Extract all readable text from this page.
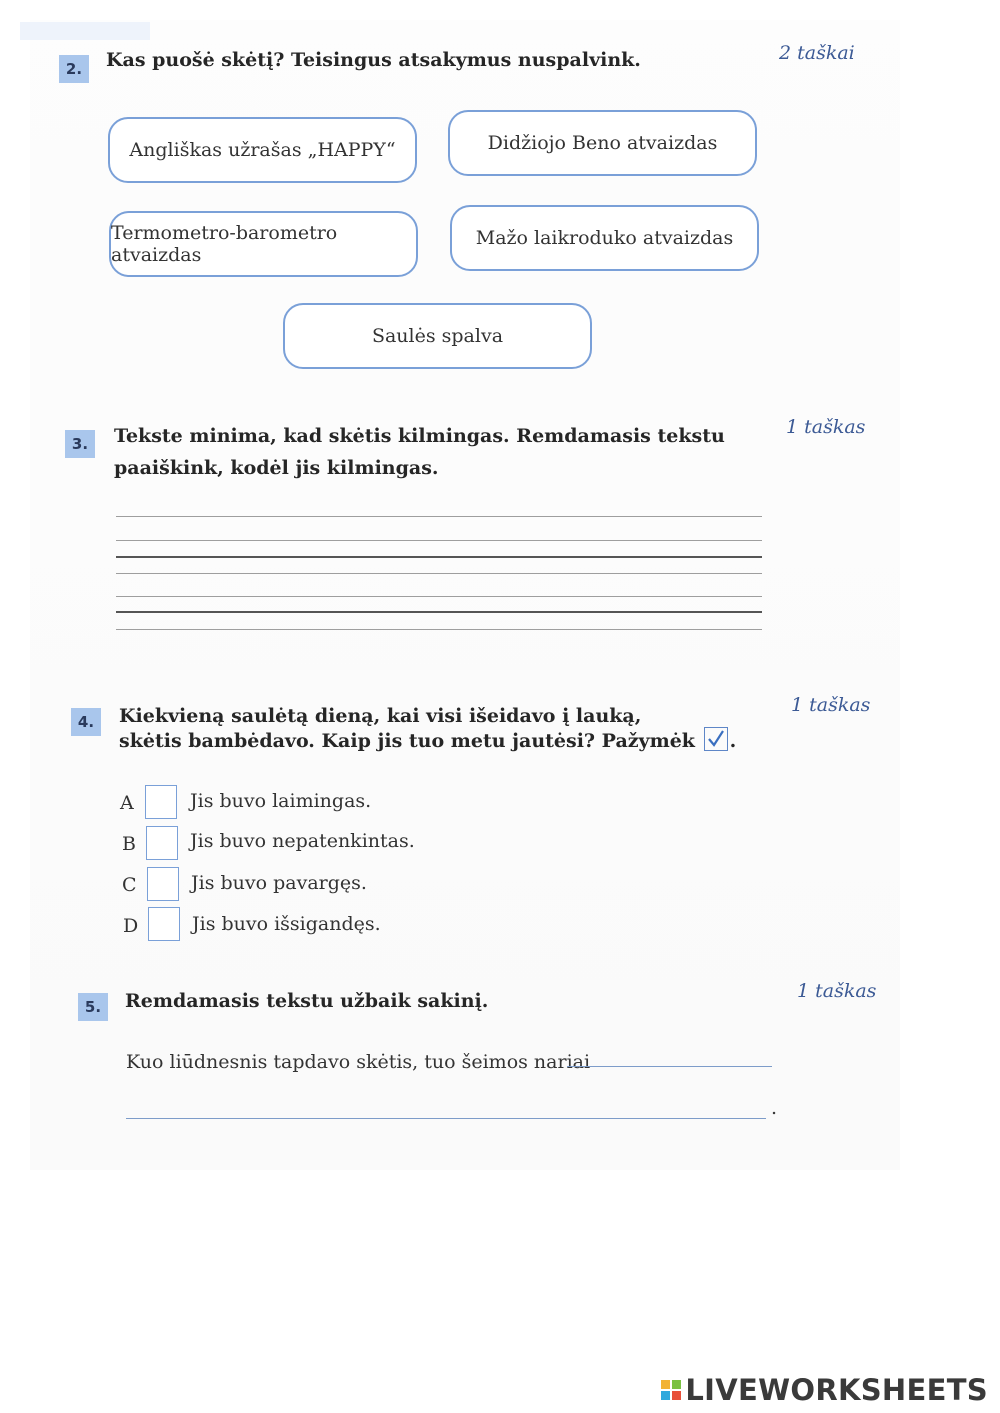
2.	Kas puošė skėtį? Teisingus atsakymus nuspalvink.	2 taškai
Angliškas užrašas „HAPPY“	Didžiojo Beno atvaizdas
Termometro-barometro atvaizdas
Mažo laikroduko atvaizdas
Saulės spalva
3.	Tekste minima, kad skėtis kilmingas. Remdamasis tekstu
paaiškink, kodėl jis kilmingas.
1 taškas
4.	Kiekvieną saulėtą dieną, kai visi išeidavo į lauką,
skėtis bambėdavo. Kaip jis tuo metu jautėsi? Pažymėk .
1 taškas
A	Jis buvo laimingas.
B	Jis buvo nepatenkintas.
C	Jis buvo pavargęs.
D	Jis buvo išsigandęs.
5.	Remdamasis tekstu užbaik sakinį.	1 taškas
Kuo liūdnesnis tapdavo skėtis, tuo šeimos nariai
.
LIVEWORKSHEETS
